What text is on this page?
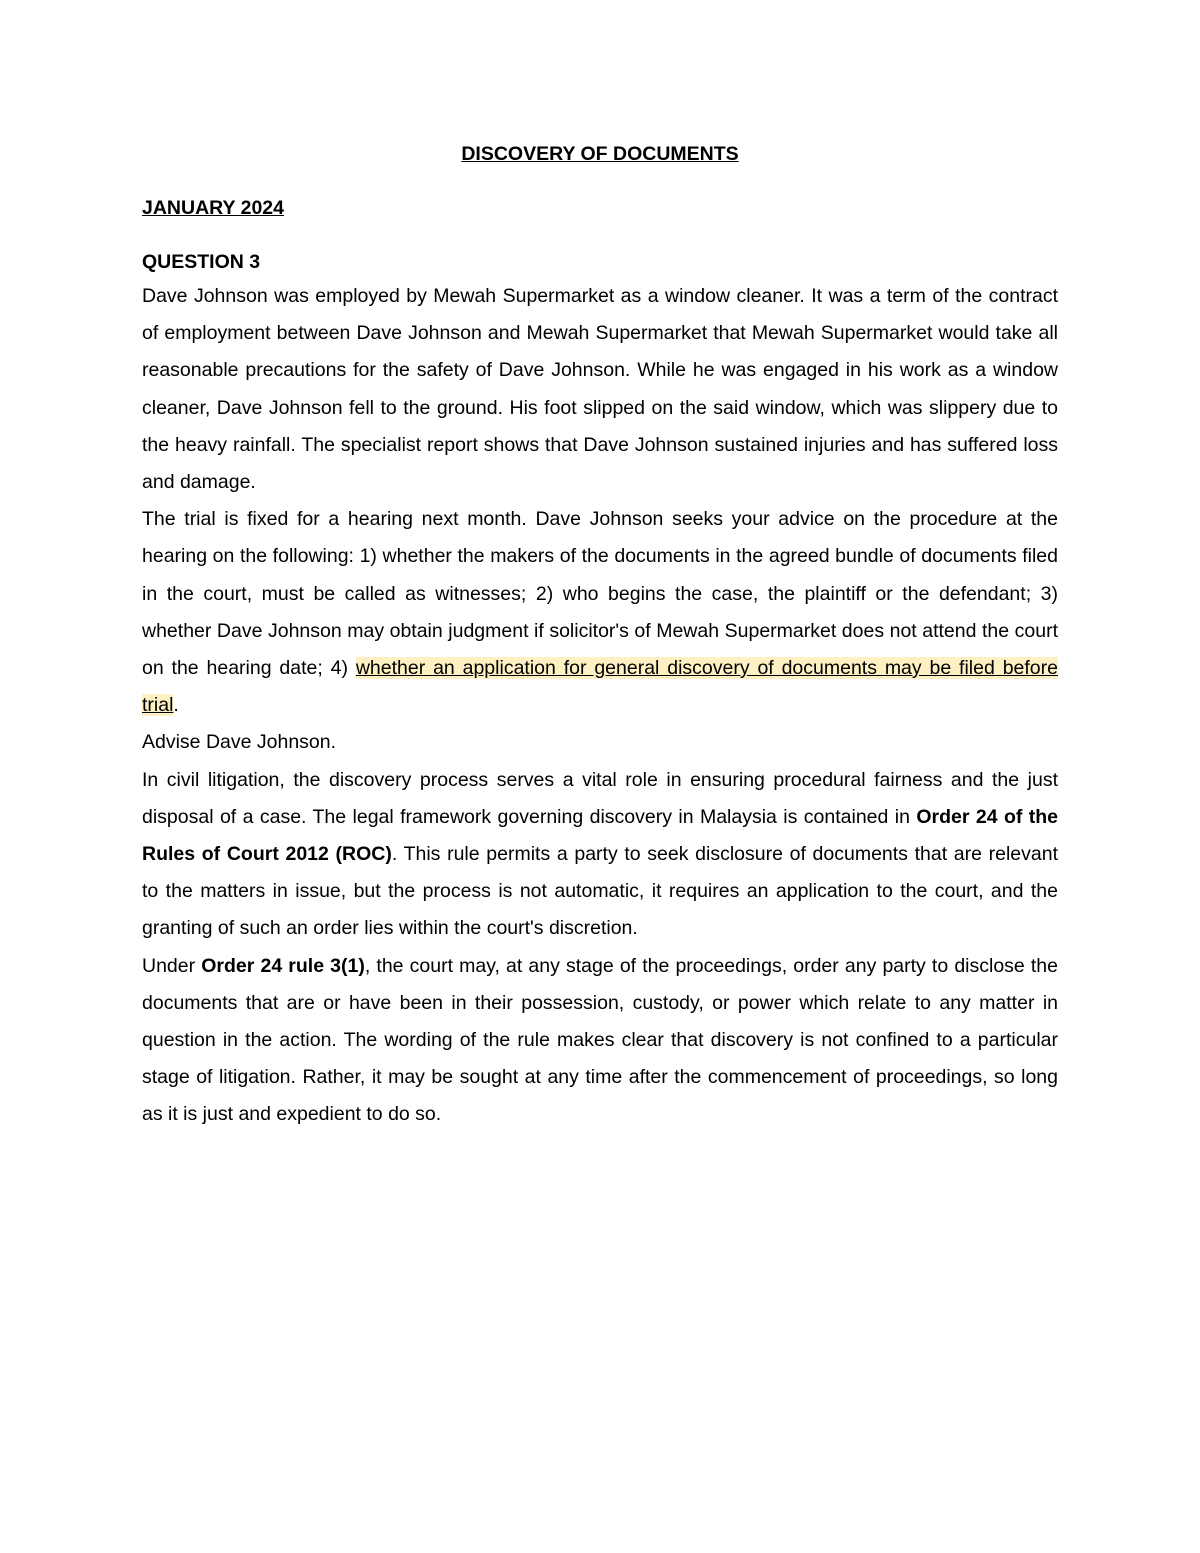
DISCOVERY OF DOCUMENTS
JANUARY 2024
QUESTION 3

Dave Johnson was employed by Mewah Supermarket as a window cleaner. It was a term of the contract of employment between Dave Johnson and Mewah Supermarket that Mewah Supermarket would take all reasonable precautions for the safety of Dave Johnson. While he was engaged in his work as a window cleaner, Dave Johnson fell to the ground. His foot slipped on the said window, which was slippery due to the heavy rainfall. The specialist report shows that Dave Johnson sustained injuries and has suffered loss and damage.

The trial is fixed for a hearing next month. Dave Johnson seeks your advice on the procedure at the hearing on the following: 1) whether the makers of the documents in the agreed bundle of documents filed in the court, must be called as witnesses; 2) who begins the case, the plaintiff or the defendant; 3) whether Dave Johnson may obtain judgment if solicitor's of Mewah Supermarket does not attend the court on the hearing date; 4) whether an application for general discovery of documents may be filed before trial.

Advise Dave Johnson.

In civil litigation, the discovery process serves a vital role in ensuring procedural fairness and the just disposal of a case. The legal framework governing discovery in Malaysia is contained in Order 24 of the Rules of Court 2012 (ROC). This rule permits a party to seek disclosure of documents that are relevant to the matters in issue, but the process is not automatic, it requires an application to the court, and the granting of such an order lies within the court's discretion.

Under Order 24 rule 3(1), the court may, at any stage of the proceedings, order any party to disclose the documents that are or have been in their possession, custody, or power which relate to any matter in question in the action. The wording of the rule makes clear that discovery is not confined to a particular stage of litigation. Rather, it may be sought at any time after the commencement of proceedings, so long as it is just and expedient to do so.
